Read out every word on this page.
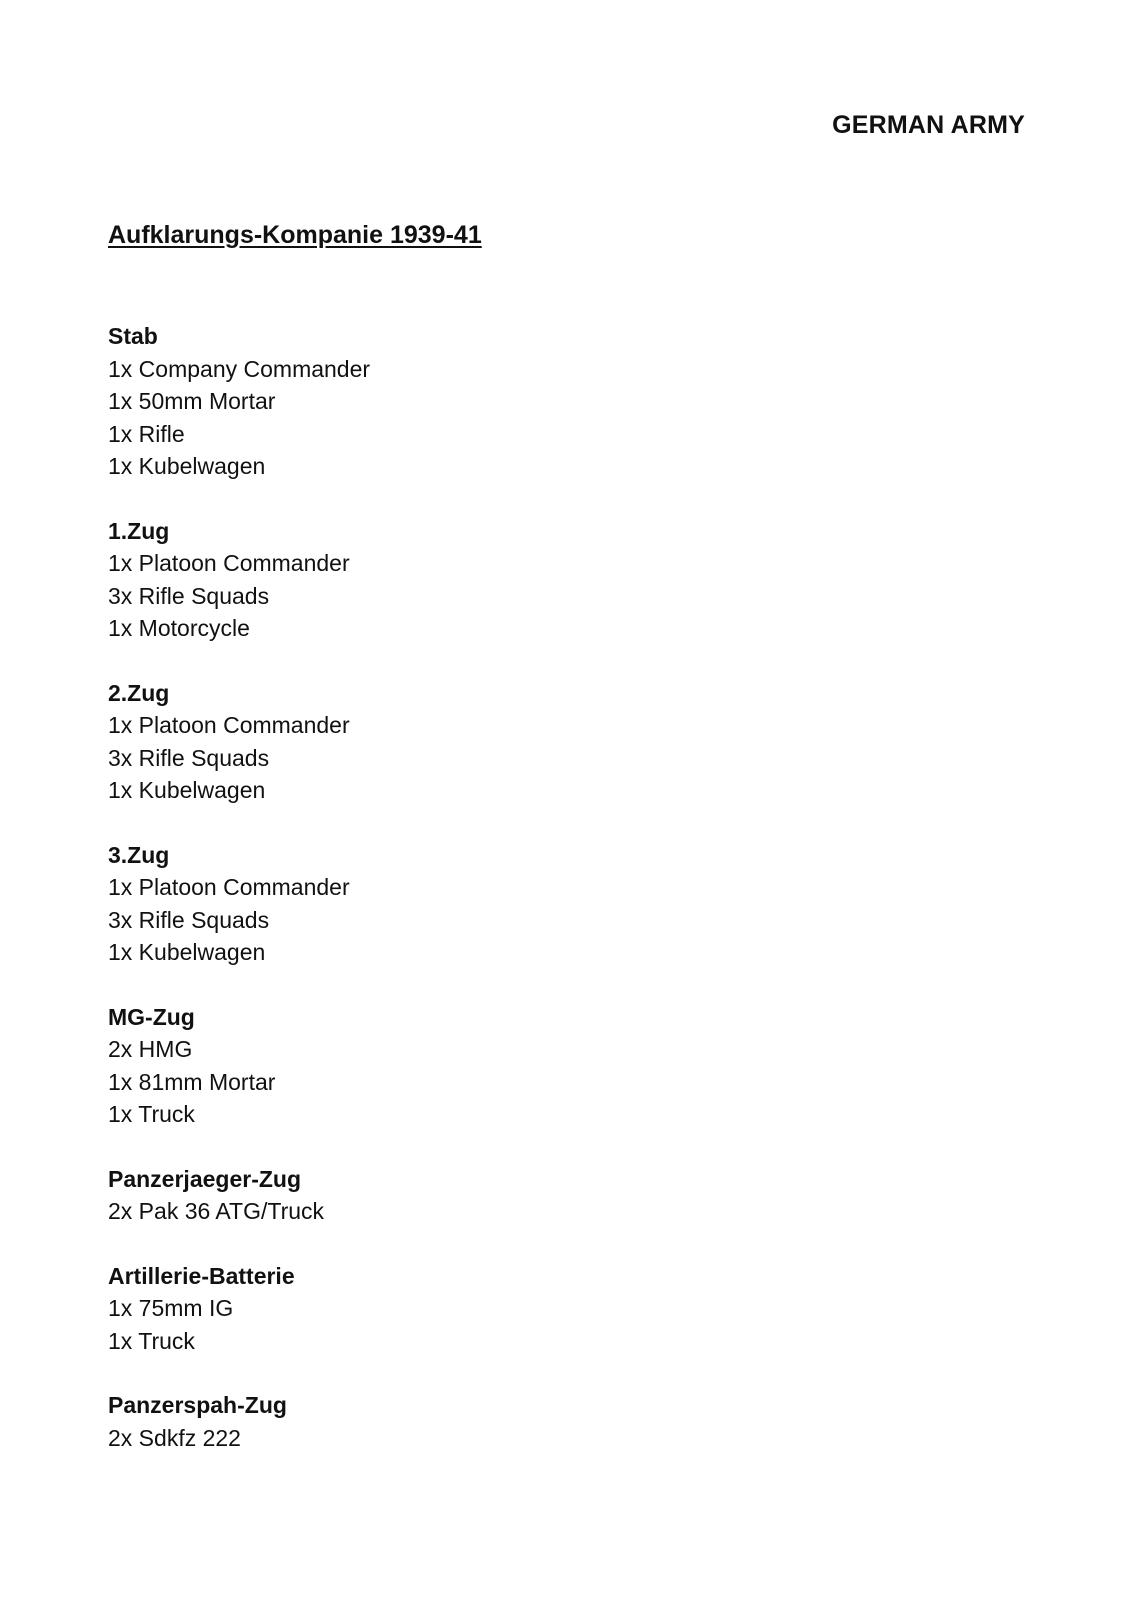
GERMAN ARMY
Aufklarungs-Kompanie 1939-41
Stab
1x Company Commander
1x 50mm Mortar
1x Rifle
1x Kubelwagen
1.Zug
1x Platoon Commander
3x Rifle Squads
1x Motorcycle
2.Zug
1x Platoon Commander
3x Rifle Squads
1x Kubelwagen
3.Zug
1x Platoon Commander
3x Rifle Squads
1x Kubelwagen
MG-Zug
2x HMG
1x 81mm Mortar
1x Truck
Panzerjaeger-Zug
2x Pak 36 ATG/Truck
Artillerie-Batterie
1x 75mm IG
1x Truck
Panzerspah-Zug
2x Sdkfz 222
